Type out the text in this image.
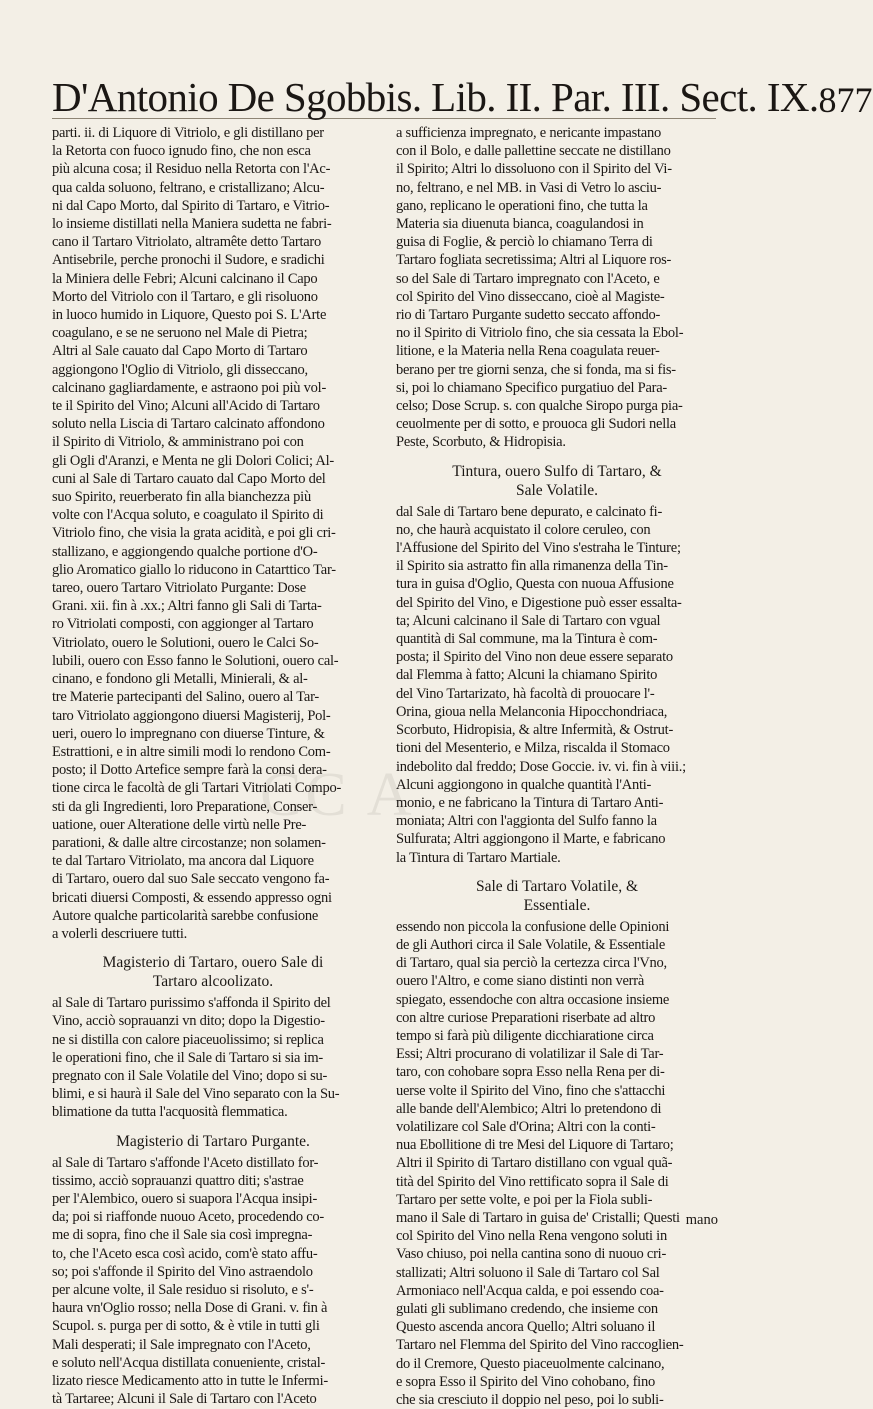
CC A
D'Antonio De Sgobbis. Lib. II. Par. III. Sect. IX. 877
parti. ii. di Liquore di Vitriolo, e gli distillano per
la Retorta con fuoco ignudo fino, che non esca
più alcuna cosa; il Residuo nella Retorta con l'Ac-
qua calda soluono, feltrano, e cristallizano; Alcu-
ni dal Capo Morto, dal Spirito di Tartaro, e Vitrio-
lo insieme distillati nella Maniera sudetta ne fabri-
cano il Tartaro Vitriolato, altramête detto Tartaro
Antisebrile, perche pronochi il Sudore, e sradichi
la Miniera delle Febri; Alcuni calcinano il Capo
Morto del Vitriolo con il Tartaro, e gli risoluono
in luoco humido in Liquore, Questo poi S. L'Arte
coagulano, e se ne seruono nel Male di Pietra;
Altri al Sale cauato dal Capo Morto di Tartaro
aggiongono l'Oglio di Vitriolo, gli disseccano,
calcinano gagliardamente, e astraono poi più vol-
te il Spirito del Vino; Alcuni all'Acido di Tartaro
soluto nella Liscia di Tartaro calcinato affondono
il Spirito di Vitriolo, & amministrano poi con
gli Ogli d'Aranzi, e Menta ne gli Dolori Colici; Al-
cuni al Sale di Tartaro cauato dal Capo Morto del
suo Spirito, reuerberato fin alla bianchezza più
volte con l'Acqua soluto, e coagulato il Spirito di
Vitriolo fino, che visia la grata acidità, e poi gli cri-
stallizano, e aggiongendo qualche portione d'O-
glio Aromatico giallo lo riducono in Catarttico Tar-
tareo, ouero Tartaro Vitriolato Purgante: Dose
Grani. xii. fin à .xx.; Altri fanno gli Sali di Tarta-
ro Vitriolati composti, con aggionger al Tartaro
Vitriolato, ouero le Solutioni, ouero le Calci So-
lubili, ouero con Esso fanno le Solutioni, ouero cal-
cinano, e fondono gli Metalli, Minierali, & al-
tre Materie partecipanti del Salino, ouero al Tar-
taro Vitriolato aggiongono diuersi Magisterij, Pol-
ueri, ouero lo impregnano con diuerse Tinture, &
Estrattioni, e in altre simili modi lo rendono Com-
posto; il Dotto Artefice sempre farà la consi dera-
tione circa le facoltà de gli Tartari Vitriolati Compo-
sti da gli Ingredienti, loro Preparatione, Conser-
uatione, ouer Alteratione delle virtù nelle Pre-
parationi, & dalle altre circostanze; non solamen-
te dal Tartaro Vitriolato, ma ancora dal Liquore
di Tartaro, ouero dal suo Sale seccato vengono fa-
bricati diuersi Composti, & essendo appresso ogni
Autore qualche particolarità sarebbe confusione
a volerli descriuere tutti.
Magisterio di Tartaro, ouero Sale di
Tartaro alcoolizato.
al Sale di Tartaro purissimo s'affonda il Spirito del
Vino, acciò soprauanzi vn dito; dopo la Digestio-
ne si distilla con calore piaceuolissimo; si replica
le operationi fino, che il Sale di Tartaro si sia im-
pregnato con il Sale Volatile del Vino; dopo si su-
blimi, e si haurà il Sale del Vino separato con la Su-
blimatione da tutta l'acquosità flemmatica.
Magisterio di Tartaro Purgante.
al Sale di Tartaro s'affonde l'Aceto distillato for-
tissimo, acciò soprauanzi quattro diti; s'astrae
per l'Alembico, ouero si suapora l'Acqua insipi-
da; poi si riaffonde nuouo Aceto, procedendo co-
me di sopra, fino che il Sale sia così impregna-
to, che l'Aceto esca così acido, com'è stato affu-
so; poi s'affonde il Spirito del Vino astraendolo
per alcune volte, il Sale residuo si risoluto, e s'-
haura vn'Oglio rosso; nella Dose di Grani. v. fin à
Scupol. s. purga per di sotto, & è vtile in tutti gli
Mali desperati; il Sale impregnato con l'Aceto,
e soluto nell'Acqua distillata conueniente, cristal-
lizato riesce Medicamento atto in tutte le Infermi-
tà Tartaree; Alcuni il Sale di Tartaro con l'Aceto
a sufficienza impregnato, e nericante impastano
con il Bolo, e dalle pallettine seccate ne distillano
il Spirito; Altri lo dissoluono con il Spirito del Vi-
no, feltrano, e nel MB. in Vasi di Vetro lo asciu-
gano, replicano le operationi fino, che tutta la
Materia sia diuenuta bianca, coagulandosi in
guisa di Foglie, & perciò lo chiamano Terra di
Tartaro fogliata secretissima; Altri al Liquore ros-
so del Sale di Tartaro impregnato con l'Aceto, e
col Spirito del Vino disseccano, cioè al Magiste-
rio di Tartaro Purgante sudetto seccato affondo-
no il Spirito di Vitriolo fino, che sia cessata la Ebol-
litione, e la Materia nella Rena coagulata reuer-
berano per tre giorni senza, che si fonda, ma si fis-
si, poi lo chiamano Specifico purgatiuo del Para-
celso; Dose Scrup. s. con qualche Siropo purga pia-
ceuolmente per di sotto, e prouoca gli Sudori nella
Peste, Scorbuto, & Hidropisia.
Tintura, ouero Sulfo di Tartaro, &
Sale Volatile.
dal Sale di Tartaro bene depurato, e calcinato fi-
no, che haurà acquistato il colore ceruleo, con
l'Affusione del Spirito del Vino s'estraha le Tinture;
il Spirito sia astratto fin alla rimanenza della Tin-
tura in guisa d'Oglio, Questa con nuoua Affusione
del Spirito del Vino, e Digestione può esser essalta-
ta; Alcuni calcinano il Sale di Tartaro con vgual
quantità di Sal commune, ma la Tintura è com-
posta; il Spirito del Vino non deue essere separato
dal Flemma à fatto; Alcuni la chiamano Spirito
del Vino Tartarizato, hà facoltà di prouocare l'-
Orina, gioua nella Melanconia Hipocchondriaca,
Scorbuto, Hidropisia, & altre Infermità, & Ostrut-
tioni del Mesenterio, e Milza, riscalda il Stomaco
indebolito dal freddo; Dose Goccie. iv. vi. fin à viii.;
Alcuni aggiongono in qualche quantità l'Anti-
monio, e ne fabricano la Tintura di Tartaro Anti-
moniata; Altri con l'aggionta del Sulfo fanno la
Sulfurata; Altri aggiongono il Marte, e fabricano
la Tintura di Tartaro Martiale.
Sale di Tartaro Volatile, &
Essentiale.
essendo non piccola la confusione delle Opinioni
de gli Authori circa il Sale Volatile, & Essentiale
di Tartaro, qual sia perciò la certezza circa l'Vno,
ouero l'Altro, e come siano distinti non verrà
spiegato, essendoche con altra occasione insieme
con altre curiose Preparationi riserbate ad altro
tempo si farà più diligente dicchiaratione circa
Essi; Altri procurano di volatilizar il Sale di Tar-
taro, con cohobare sopra Esso nella Rena per di-
uerse volte il Spirito del Vino, fino che s'attacchi
alle bande dell'Alembico; Altri lo pretendono di
volatilizare col Sale d'Orina; Altri con la conti-
nua Ebollitione di tre Mesi del Liquore di Tartaro;
Altri il Spirito di Tartaro distillano con vgual quã-
tità del Spirito del Vino rettificato sopra il Sale di
Tartaro per sette volte, e poi per la Fiola subli-
mano il Sale di Tartaro in guisa de' Cristalli; Questi
col Spirito del Vino nella Rena vengono soluti in
Vaso chiuso, poi nella cantina sono di nuouo cri-
stallizati; Altri soluono il Sale di Tartaro col Sal
Armoniaco nell'Acqua calda, e poi essendo coa-
gulati gli sublimano credendo, che insieme con
Questo ascenda ancora Quello; Altri soluano il
Tartaro nel Flemma del Spirito del Vino raccoglien-
do il Cremore, Questo piaceuolmente calcinano,
e sopra Esso il Spirito del Vino cohobano, fino
che sia cresciuto il doppio nel peso, poi lo subli-
mano
